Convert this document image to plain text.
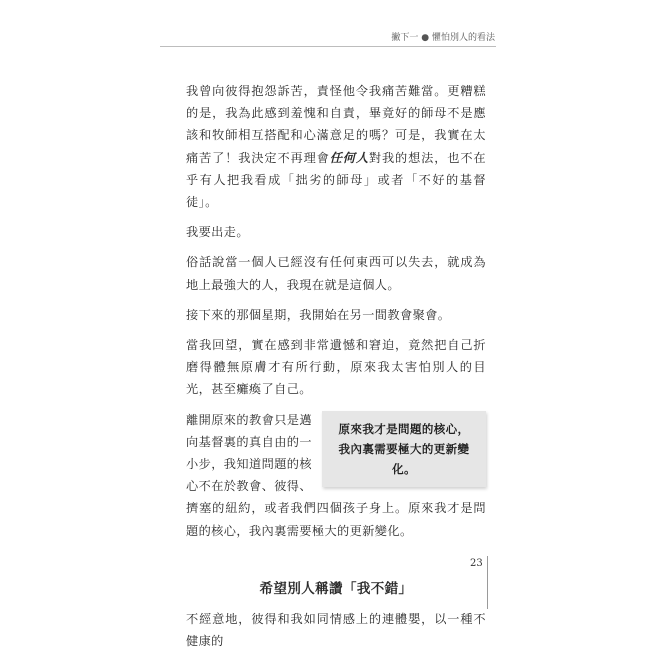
撇下一 ● 懼怕別人的看法

我曾向彼得抱怨訴苦，責怪他令我痛苦難當。更糟糕的是，我為此感到羞愧和自責，畢竟好的師母不是應該和牧師相互搭配和心滿意足的嗎？可是，我實在太痛苦了！我決定不再理會任何人對我的想法，也不在乎有人把我看成「拙劣的師母」或者「不好的基督徒」。

我要出走。

俗話說當一個人已經沒有任何東西可以失去，就成為地上最強大的人，我現在就是這個人。

接下來的那個星期，我開始在另一間教會聚會。

當我回望，實在感到非常遺憾和窘迫，竟然把自己折磨得體無原膚才有所行動，原來我太害怕別人的目光，甚至癱瘓了自己。

原來我才是問題的核心，
我內裏需要極大的更新變化。

離開原來的教會只是邁向基督裏的真自由的一小步，我知道問題的核心不在於教會、彼得、擠塞的紐約，或者我們四個孩子身上。原來我才是問題的核心，我內裏需要極大的更新變化。

希望別人稱讚「我不錯」

不經意地，彼得和我如同情感上的連體嬰，以一種不健康的

23
